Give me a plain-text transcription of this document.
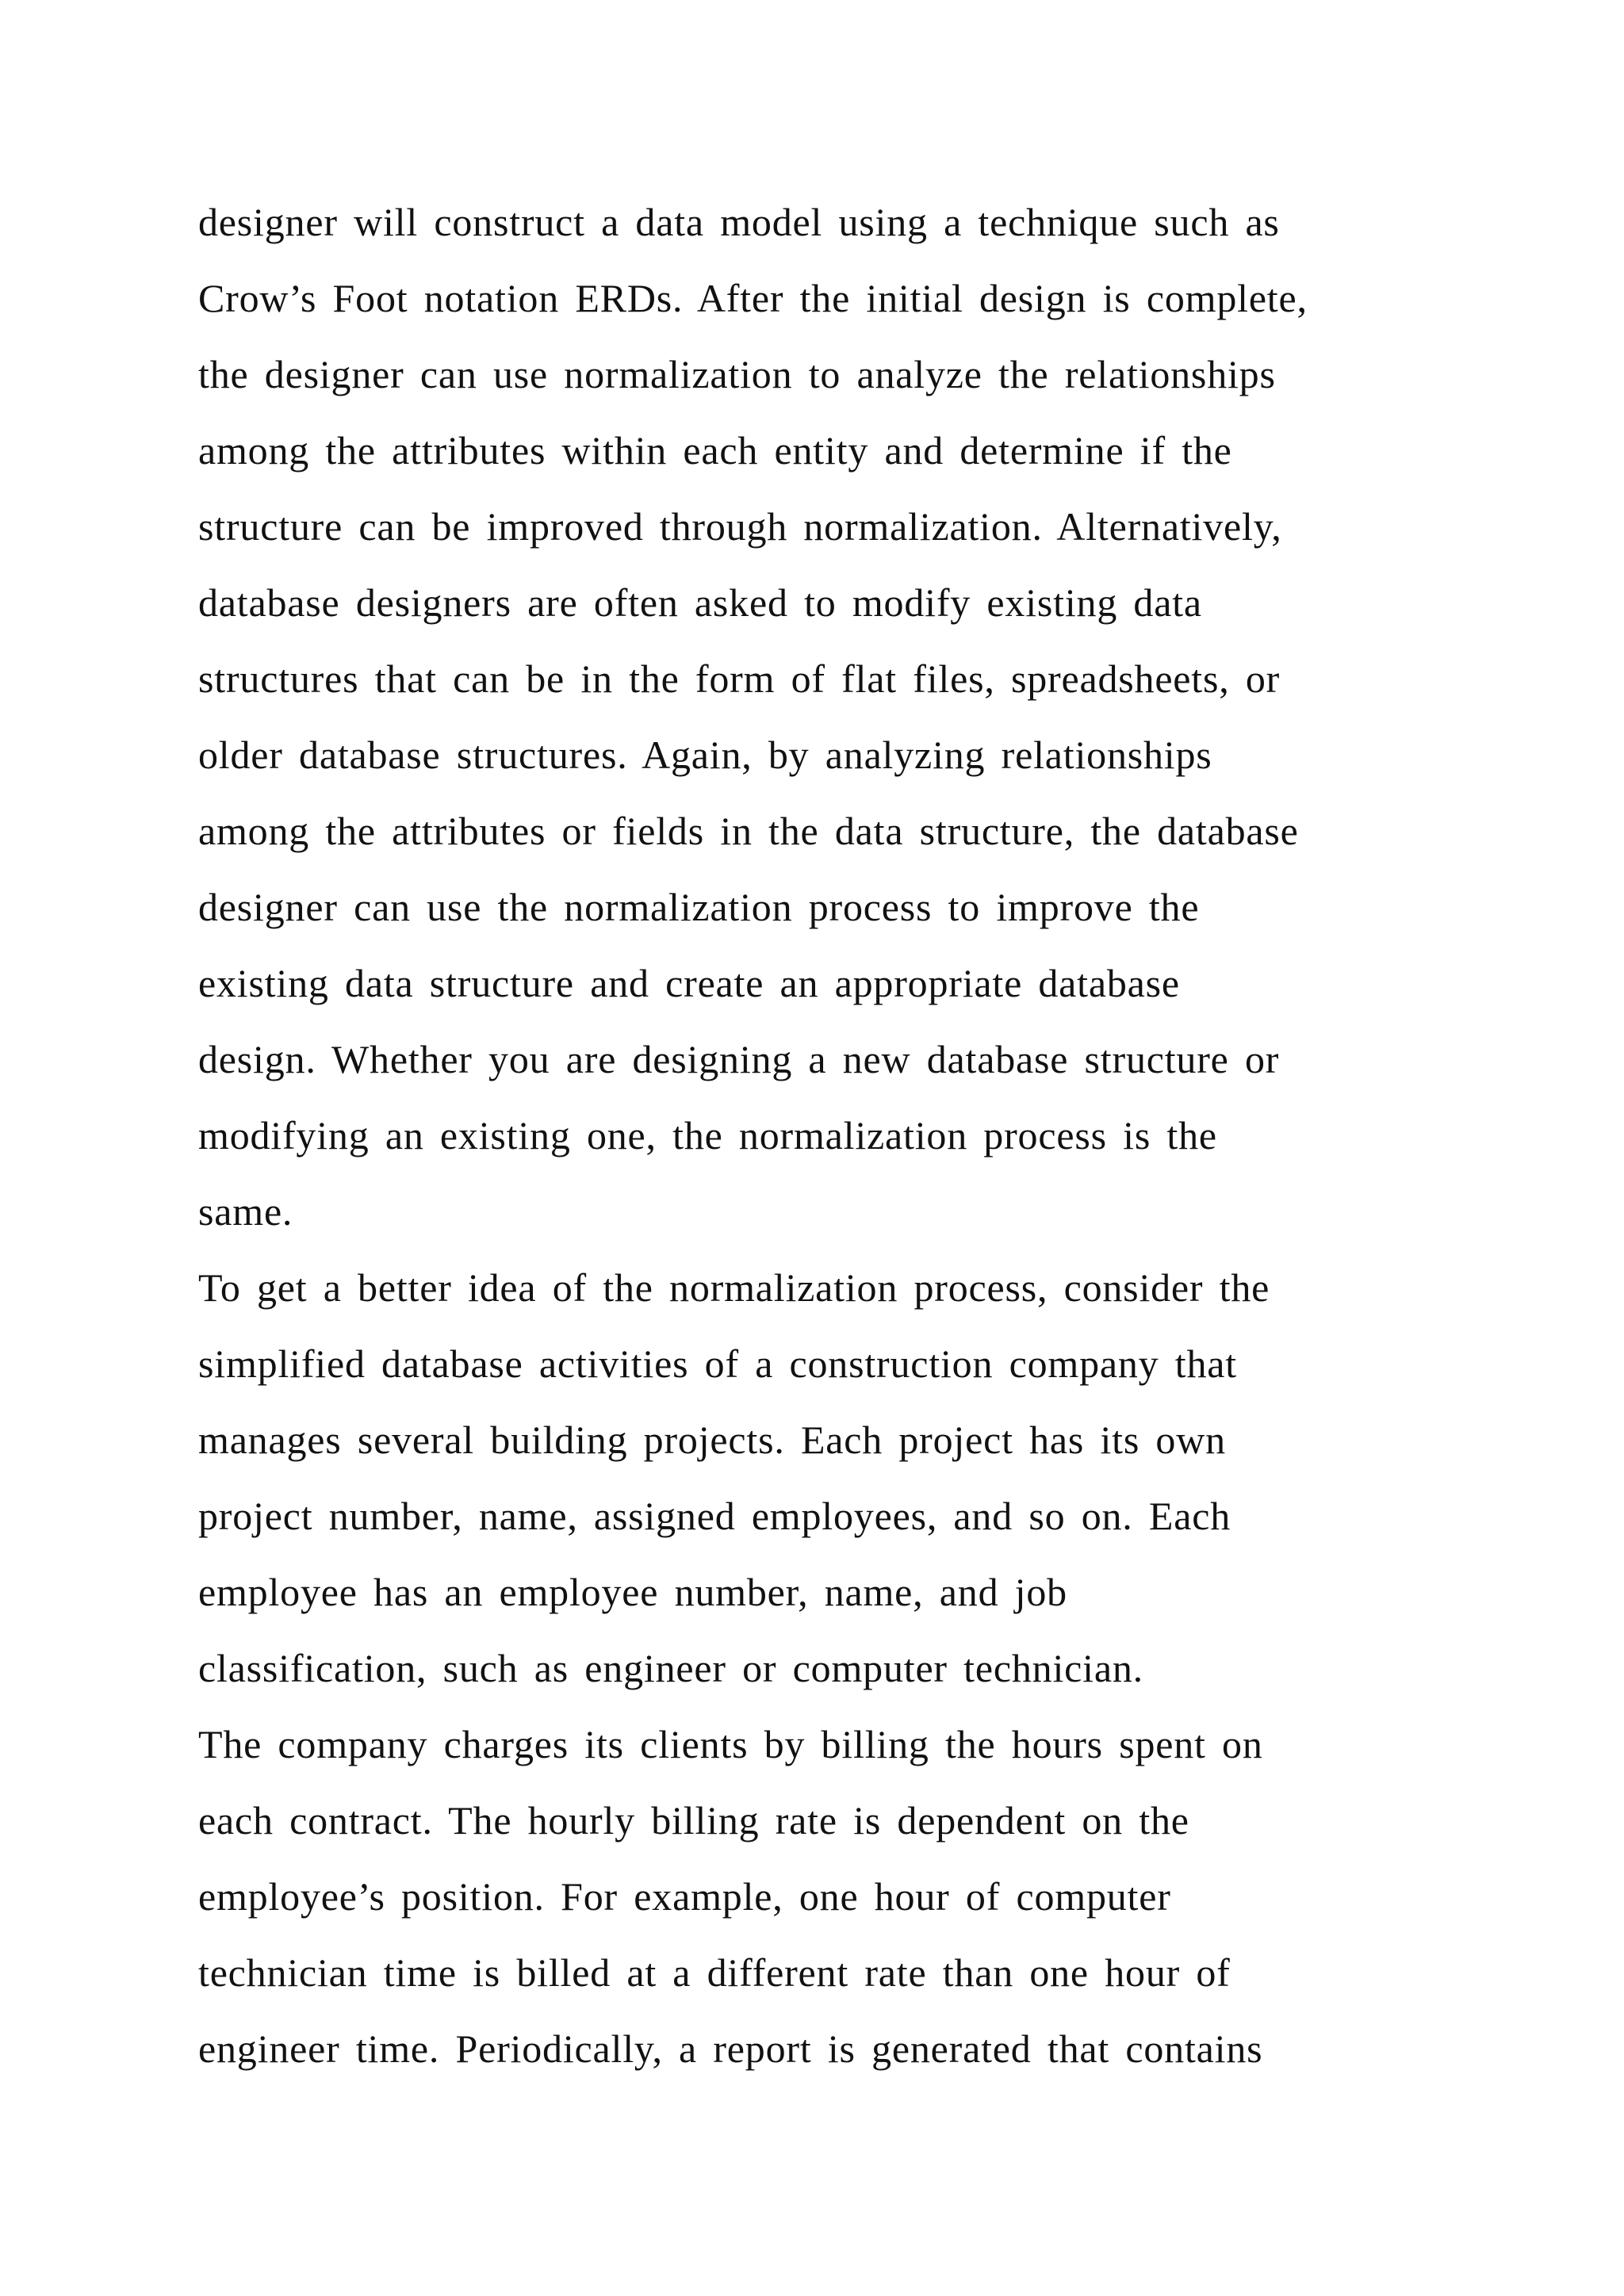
designer will construct a data model using a technique such as
Crow’s Foot notation ERDs. After the initial design is complete,
the designer can use normalization to analyze the relationships
among the attributes within each entity and determine if the
structure can be improved through normalization. Alternatively,
database designers are often asked to modify existing data
structures that can be in the form of flat files, spreadsheets, or
older database structures. Again, by analyzing relationships
among the attributes or fields in the data structure, the database
designer can use the normalization process to improve the
existing data structure and create an appropriate database
design. Whether you are designing a new database structure or
modifying an existing one, the normalization process is the
same.
To get a better idea of the normalization process, consider the
simplified database activities of a construction company that
manages several building projects. Each project has its own
project number, name, assigned employees, and so on. Each
employee has an employee number, name, and job
classification, such as engineer or computer technician.
The company charges its clients by billing the hours spent on
each contract. The hourly billing rate is dependent on the
employee’s position. For example, one hour of computer
technician time is billed at a different rate than one hour of
engineer time. Periodically, a report is generated that contains
